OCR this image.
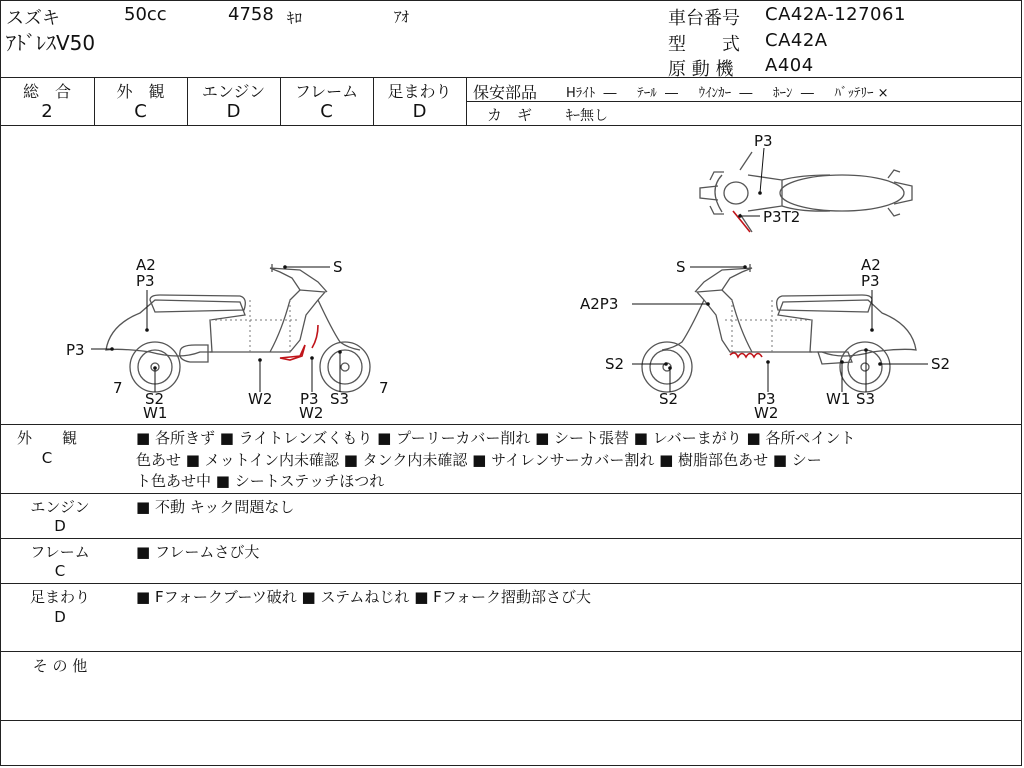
スズキ	50cc	4758 ｷﾛ	ｱｵ
ｱﾄﾞﾚｽV50
車台番号 CA42A-127061
型　　式 CA42A
原 動 機 A404
総　合
2
外　観
C
エンジン
D
フレーム
C
足まわり
D
保安部品 Hﾗｲﾄ  ―     ﾃｰﾙ  ―     ｳｲﾝｶｰ  ―     ﾎｰﾝ  ―     ﾊﾞｯﾃﾘｰ ×
カ　ギ ｷｰ無し
P3
P3T2
A2
P3
S
P3
7
S2
W1
W2 P3 S3
W2
7
S	A2
P3
A2P3
S2
S2	P3
W2
W1 S3
S2
外　　観
C
■ 各所きず ■ ライトレンズくもり ■ プーリーカバー削れ ■ シート張替 ■ レバーまがり ■ 各所ペイント
色あせ ■ メットイン内未確認 ■ タンク内未確認 ■ サイレンサーカバー割れ ■ 樹脂部色あせ ■ シー
ト色あせ中 ■ シートステッチほつれ
エンジン
D
■ 不動 キック問題なし
フレーム
C
■ フレームさび大
足まわり
D
■ Fフォークブーツ破れ ■ ステムねじれ ■ Fフォーク摺動部さび大
そ の 他
